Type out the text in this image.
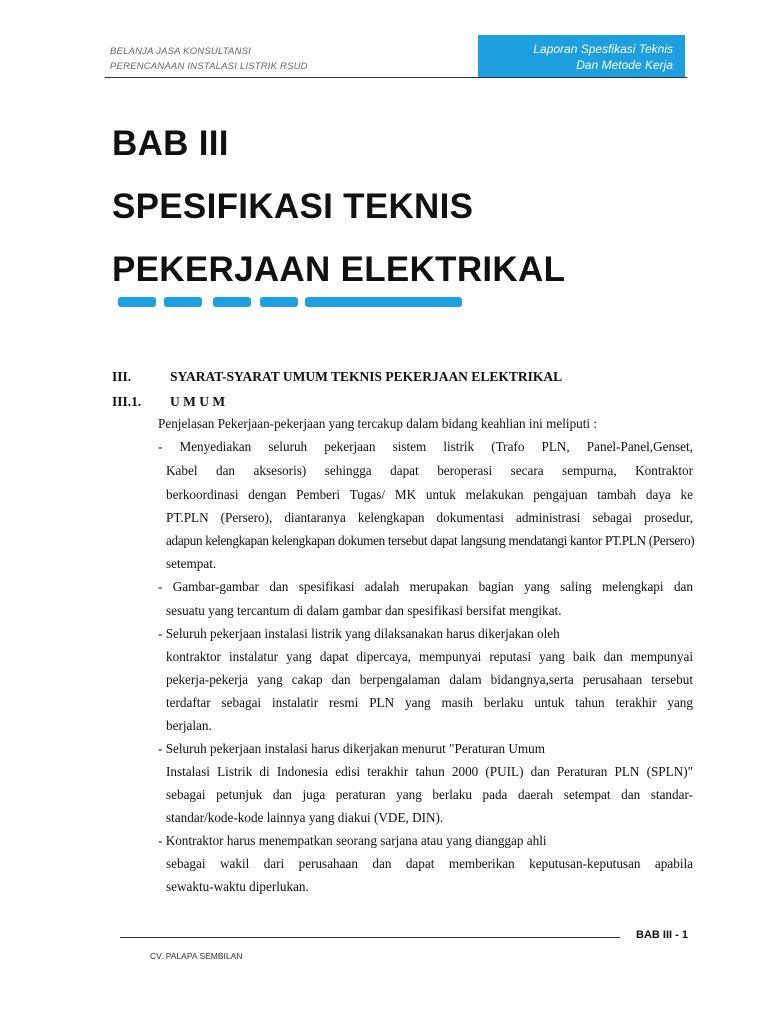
BELANJA JASA KONSULTANSI
PERENCANAAN INSTALASI LISTRIK RSUD
Laporan Spesfikasi Teknis
Dan Metode Kerja
BAB III
SPESIFIKASI TEKNIS
PEKERJAAN ELEKTRIKAL
III.	SYARAT-SYARAT UMUM TEKNIS PEKERJAAN ELEKTRIKAL
III.1. U M U M
Penjelasan Pekerjaan-pekerjaan yang tercakup dalam bidang keahlian ini meliputi :
- Menyediakan seluruh pekerjaan sistem listrik (Trafo PLN, Panel-Panel,Genset,
Kabel dan aksesoris) sehingga dapat beroperasi secara sempurna, Kontraktor
berkoordinasi dengan Pemberi Tugas/ MK untuk melakukan pengajuan tambah daya ke
PT.PLN (Persero), diantaranya kelengkapan dokumentasi administrasi sebagai prosedur,
adapun kelengkapan kelengkapan dokumen tersebut dapat langsung mendatangi kantor PT.PLN (Persero)
setempat.
- Gambar-gambar dan spesifikasi adalah merupakan bagian yang saling melengkapi dan
sesuatu yang tercantum di dalam gambar dan spesifikasi bersifat mengikat.
- Seluruh pekerjaan instalasi listrik yang dilaksanakan harus dikerjakan oleh
kontraktor instalatur yang dapat dipercaya, mempunyai reputasi yang baik dan mempunyai
pekerja-pekerja yang cakap dan berpengalaman dalam bidangnya,serta perusahaan tersebut
terdaftar sebagai instalatir resmi PLN yang masih berlaku untuk tahun terakhir yang
berjalan.
- Seluruh pekerjaan instalasi harus dikerjakan menurut "Peraturan Umum
Instalasi Listrik di Indonesia edisi terakhir tahun 2000 (PUIL) dan Peraturan PLN (SPLN)"
sebagai petunjuk dan juga peraturan yang berlaku pada daerah setempat dan standar-
standar/kode-kode lainnya yang diakui (VDE, DIN).
- Kontraktor harus menempatkan seorang sarjana atau yang dianggap ahli
sebagai wakil dari perusahaan dan dapat memberikan keputusan-keputusan apabila
sewaktu-waktu diperlukan.
BAB III - 1
CV. PALAPA SEMBILAN
